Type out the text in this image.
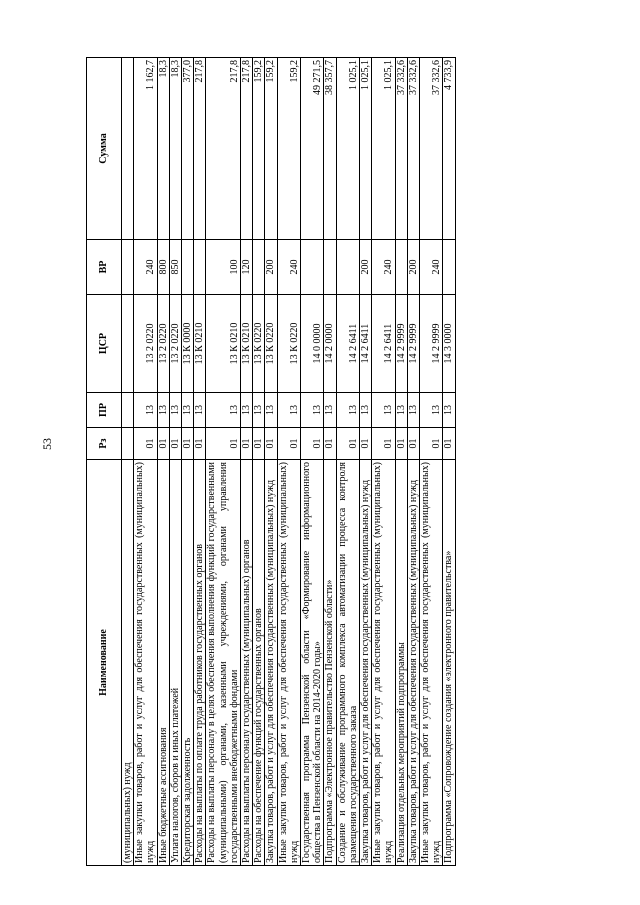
53
Наименование	Рз	ПР	ЦСР	ВР	Сумма
(муниципальных) нужд					
Иные закупки товаров, работ и услуг для обеспечения государственных (муниципальных) нужд	01	13	13 2 0220	240	1 162,7
Иные бюджетные ассигнования	01	13	13 2 0220	800	18,3
Уплата налогов, сборов и иных платежей	01	13	13 2 0220	850	18,3
Кредиторская задолженность	01	13	13 К 0000		377,0
Расходы на выплаты по оплате труда работников государственных органов	01	13	13 К 0210		217,8
Расходы на выплаты персоналу в целях обеспечения выполнения функций государственными (муниципальными) органами, казенными учреждениями, органами управления государственными внебюджетными фондами	01	13	13 К 0210	100	217,8
Расходы на выплаты персоналу государственных (муниципальных) органов	01	13	13 К 0210	120	217,8
Расходы на обеспечение функций государственных органов	01	13	13 К 0220		159,2
Закупка товаров, работ и услуг для обеспечения государственных (муниципальных) нужд	01	13	13 К 0220	200	159,2
Иные закупки товаров, работ и услуг для обеспечения государственных (муниципальных) нужд	01	13	13 К 0220	240	159,2
Государственная программа Пензенской области «Формирование информационного общества в Пензенской области на 2014-2020 годы»	01	13	14 0 0000		49 271,5
Подпрограмма «Электронное правительство Пензенской области»	01	13	14 2 0000		38 357,7
Создание и обслуживание программного комплекса автоматизации процесса контроля размещения государственного заказа	01	13	14 2 6411		1 025,1
Закупка товаров, работ и услуг для обеспечения государственных (муниципальных) нужд	01	13	14 2 6411	200	1 025,1
Иные закупки товаров, работ и услуг для обеспечения государственных (муниципальных) нужд	01	13	14 2 6411	240	1 025,1
Реализация отдельных мероприятий подпрограммы	01	13	14 2 9999		37 332,6
Закупка товаров, работ и услуг для обеспечения государственных (муниципальных) нужд	01	13	14 2 9999	200	37 332,6
Иные закупки товаров, работ и услуг для обеспечения государственных (муниципальных) нужд	01	13	14 2 9999	240	37 332,6
Подпрограмма «Сопровождение создания «электронного правительства»	01	13	14 3 0000		4 733,9
